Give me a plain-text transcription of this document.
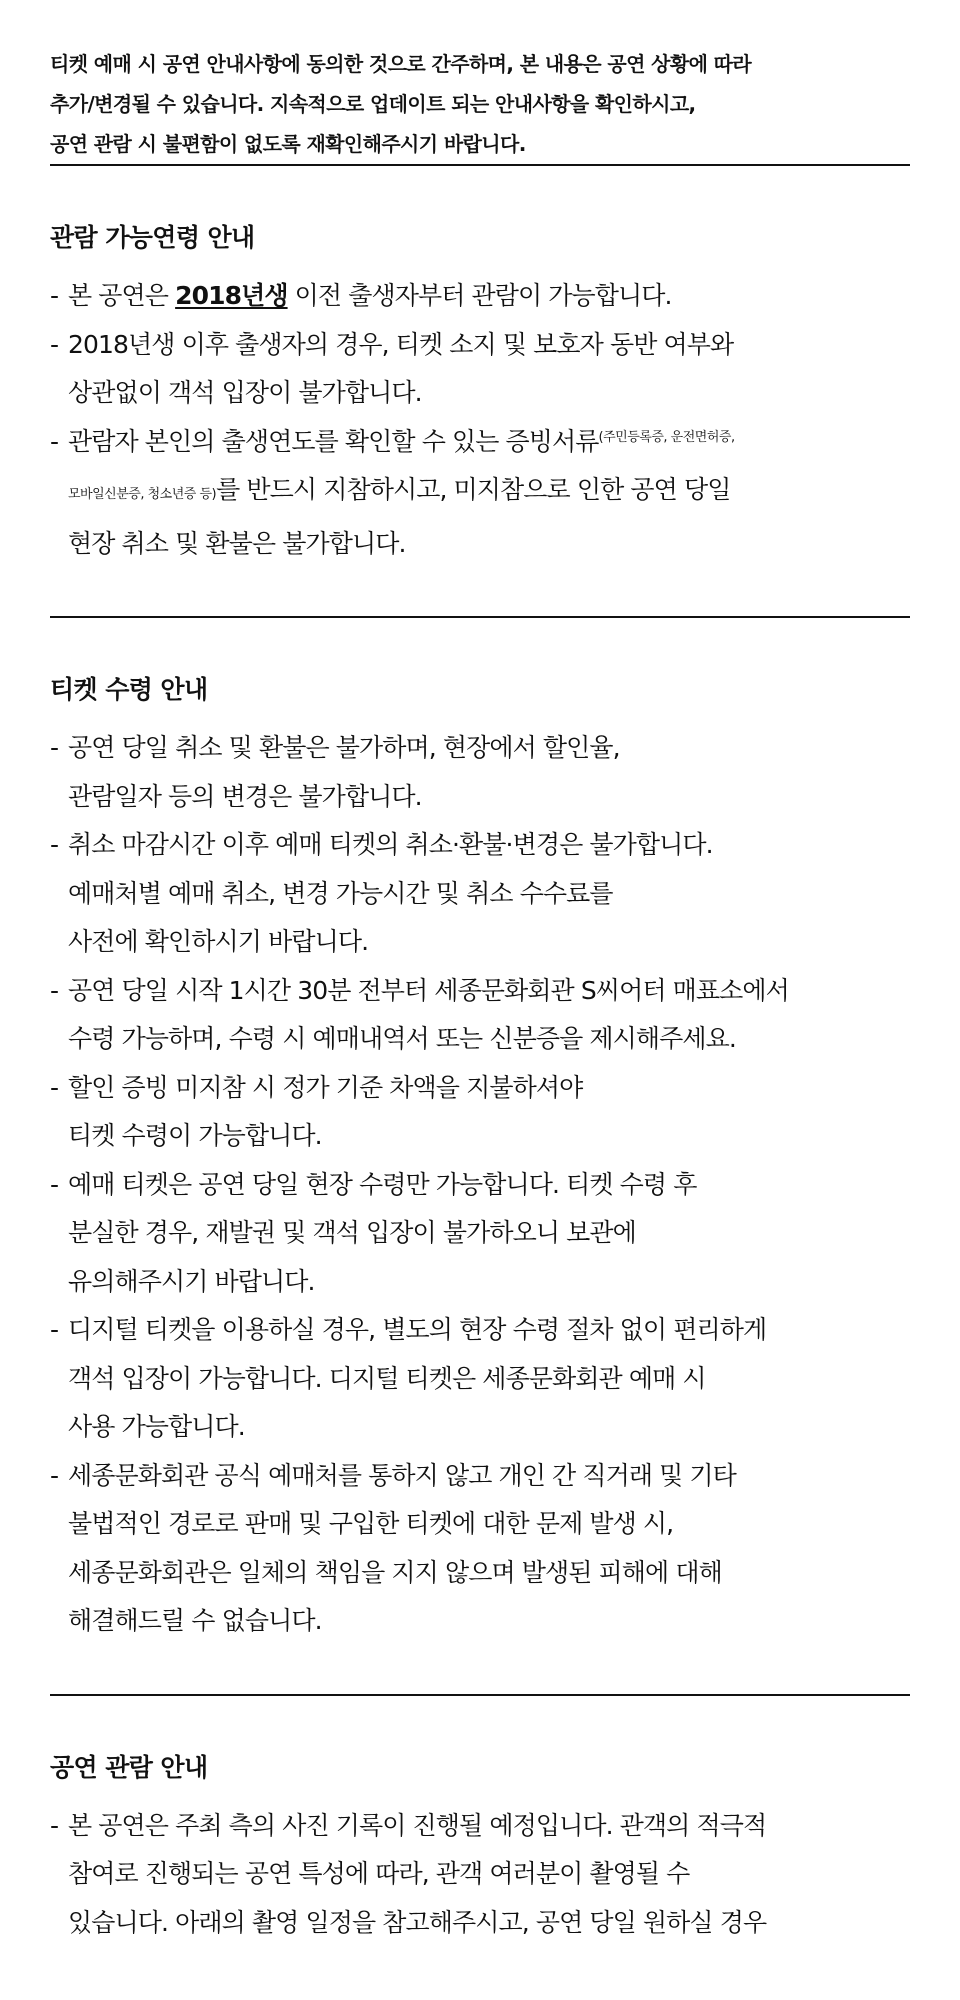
티켓 예매 시 공연 안내사항에 동의한 것으로 간주하며, 본 내용은 공연 상황에 따라
추가/변경될 수 있습니다. 지속적으로 업데이트 되는 안내사항을 확인하시고,
공연 관람 시 불편함이 없도록 재확인해주시기 바랍니다.
관람 가능연령 안내
- 본 공연은 2018년생 이전 출생자부터 관람이 가능합니다.
- 2018년생 이후 출생자의 경우, 티켓 소지 및 보호자 동반 여부와
상관없이 객석 입장이 불가합니다.
- 관람자 본인의 출생연도를 확인할 수 있는 증빙서류$^{(주민등록증, 운전면허증,}$
모바일신분증, 청소년증 등)를 반드시 지참하시고, 미지참으로 인한 공연 당일
현장 취소 및 환불은 불가합니다.
티켓 수령 안내
- 공연 당일 취소 및 환불은 불가하며, 현장에서 할인율,
관람일자 등의 변경은 불가합니다.
- 취소 마감시간 이후 예매 티켓의 취소·환불·변경은 불가합니다.
예매처별 예매 취소, 변경 가능시간 및 취소 수수료를
사전에 확인하시기 바랍니다.
- 공연 당일 시작 1시간 30분 전부터 세종문화회관 S씨어터 매표소에서
수령 가능하며, 수령 시 예매내역서 또는 신분증을 제시해주세요.
- 할인 증빙 미지참 시 정가 기준 차액을 지불하셔야
티켓 수령이 가능합니다.
- 예매 티켓은 공연 당일 현장 수령만 가능합니다. 티켓 수령 후
분실한 경우, 재발권 및 객석 입장이 불가하오니 보관에
유의해주시기 바랍니다.
- 디지털 티켓을 이용하실 경우, 별도의 현장 수령 절차 없이 편리하게
객석 입장이 가능합니다. 디지털 티켓은 세종문화회관 예매 시
사용 가능합니다.
- 세종문화회관 공식 예매처를 통하지 않고 개인 간 직거래 및 기타
불법적인 경로로 판매 및 구입한 티켓에 대한 문제 발생 시,
세종문화회관은 일체의 책임을 지지 않으며 발생된 피해에 대해
해결해드릴 수 없습니다.
공연 관람 안내
- 본 공연은 주최 측의 사진 기록이 진행될 예정입니다. 관객의 적극적
참여로 진행되는 공연 특성에 따라, 관객 여러분이 촬영될 수
있습니다. 아래의 촬영 일정을 참고해주시고, 공연 당일 원하실 경우
